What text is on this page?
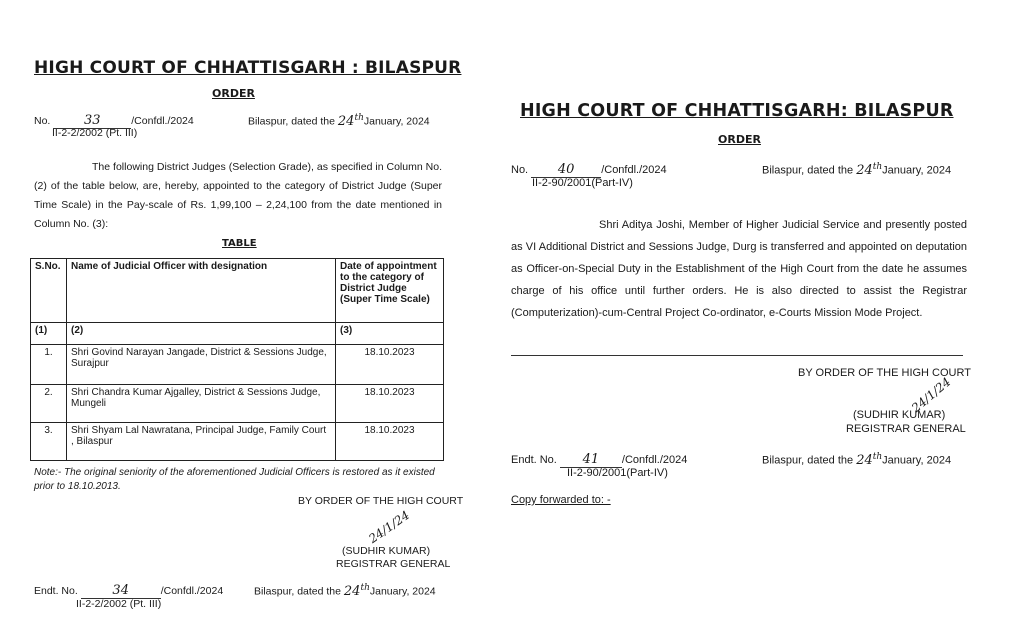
HIGH COURT OF CHHATTISGARH : BILASPUR
ORDER
No.	33	/Confdl./2024	Bilaspur, dated the 24thJanuary, 2024
II-2-2/2002 (Pt. III)
The following District Judges (Selection Grade), as specified in Column No. (2) of the table below, are, hereby, appointed to the category of District Judge (Super Time Scale) in the Pay-scale of Rs. 1,99,100 – 2,24,100 from the date mentioned in Column No. (3):
TABLE
S.No.	Name of Judicial Officer with designation	Date of appointment to the category of District Judge (Super Time Scale)
(1)	(2)	(3)
1.	Shri Govind Narayan Jangade, District & Sessions Judge, Surajpur	18.10.2023
2.	Shri Chandra Kumar Ajgalley, District & Sessions Judge, Mungeli	18.10.2023
3.	Shri Shyam Lal Nawratana, Principal Judge, Family Court , Bilaspur	18.10.2023
Note:- The original seniority of the aforementioned Judicial Officers is restored as it existed prior to 18.10.2013.
BY ORDER OF THE HIGH COURT
24/1/24
(SUDHIR KUMAR)
REGISTRAR GENERAL
Endt. No.	34	/Confdl./2024	Bilaspur, dated the 24thJanuary, 2024
II-2-2/2002 (Pt. III)
HIGH COURT OF CHHATTISGARH: BILASPUR
ORDER
No. 40 /Confdl./2024	Bilaspur, dated the 24thJanuary, 2024
II-2-90/2001(Part-IV)
Shri Aditya Joshi, Member of Higher Judicial Service and presently posted as VI Additional District and Sessions Judge, Durg is transferred and appointed on deputation as Officer-on-Special Duty in the Establishment of the High Court from the date he assumes charge of his office until further orders. He is also directed to assist the Registrar (Computerization)-cum-Central Project Co-ordinator, e-Courts Mission Mode Project.
BY ORDER OF THE HIGH COURT
24/1/24
(SUDHIR KUMAR)
REGISTRAR GENERAL
Endt. No. 41 /Confdl./2024	Bilaspur, dated the 24thJanuary, 2024
II-2-90/2001(Part-IV)
Copy forwarded to: -
